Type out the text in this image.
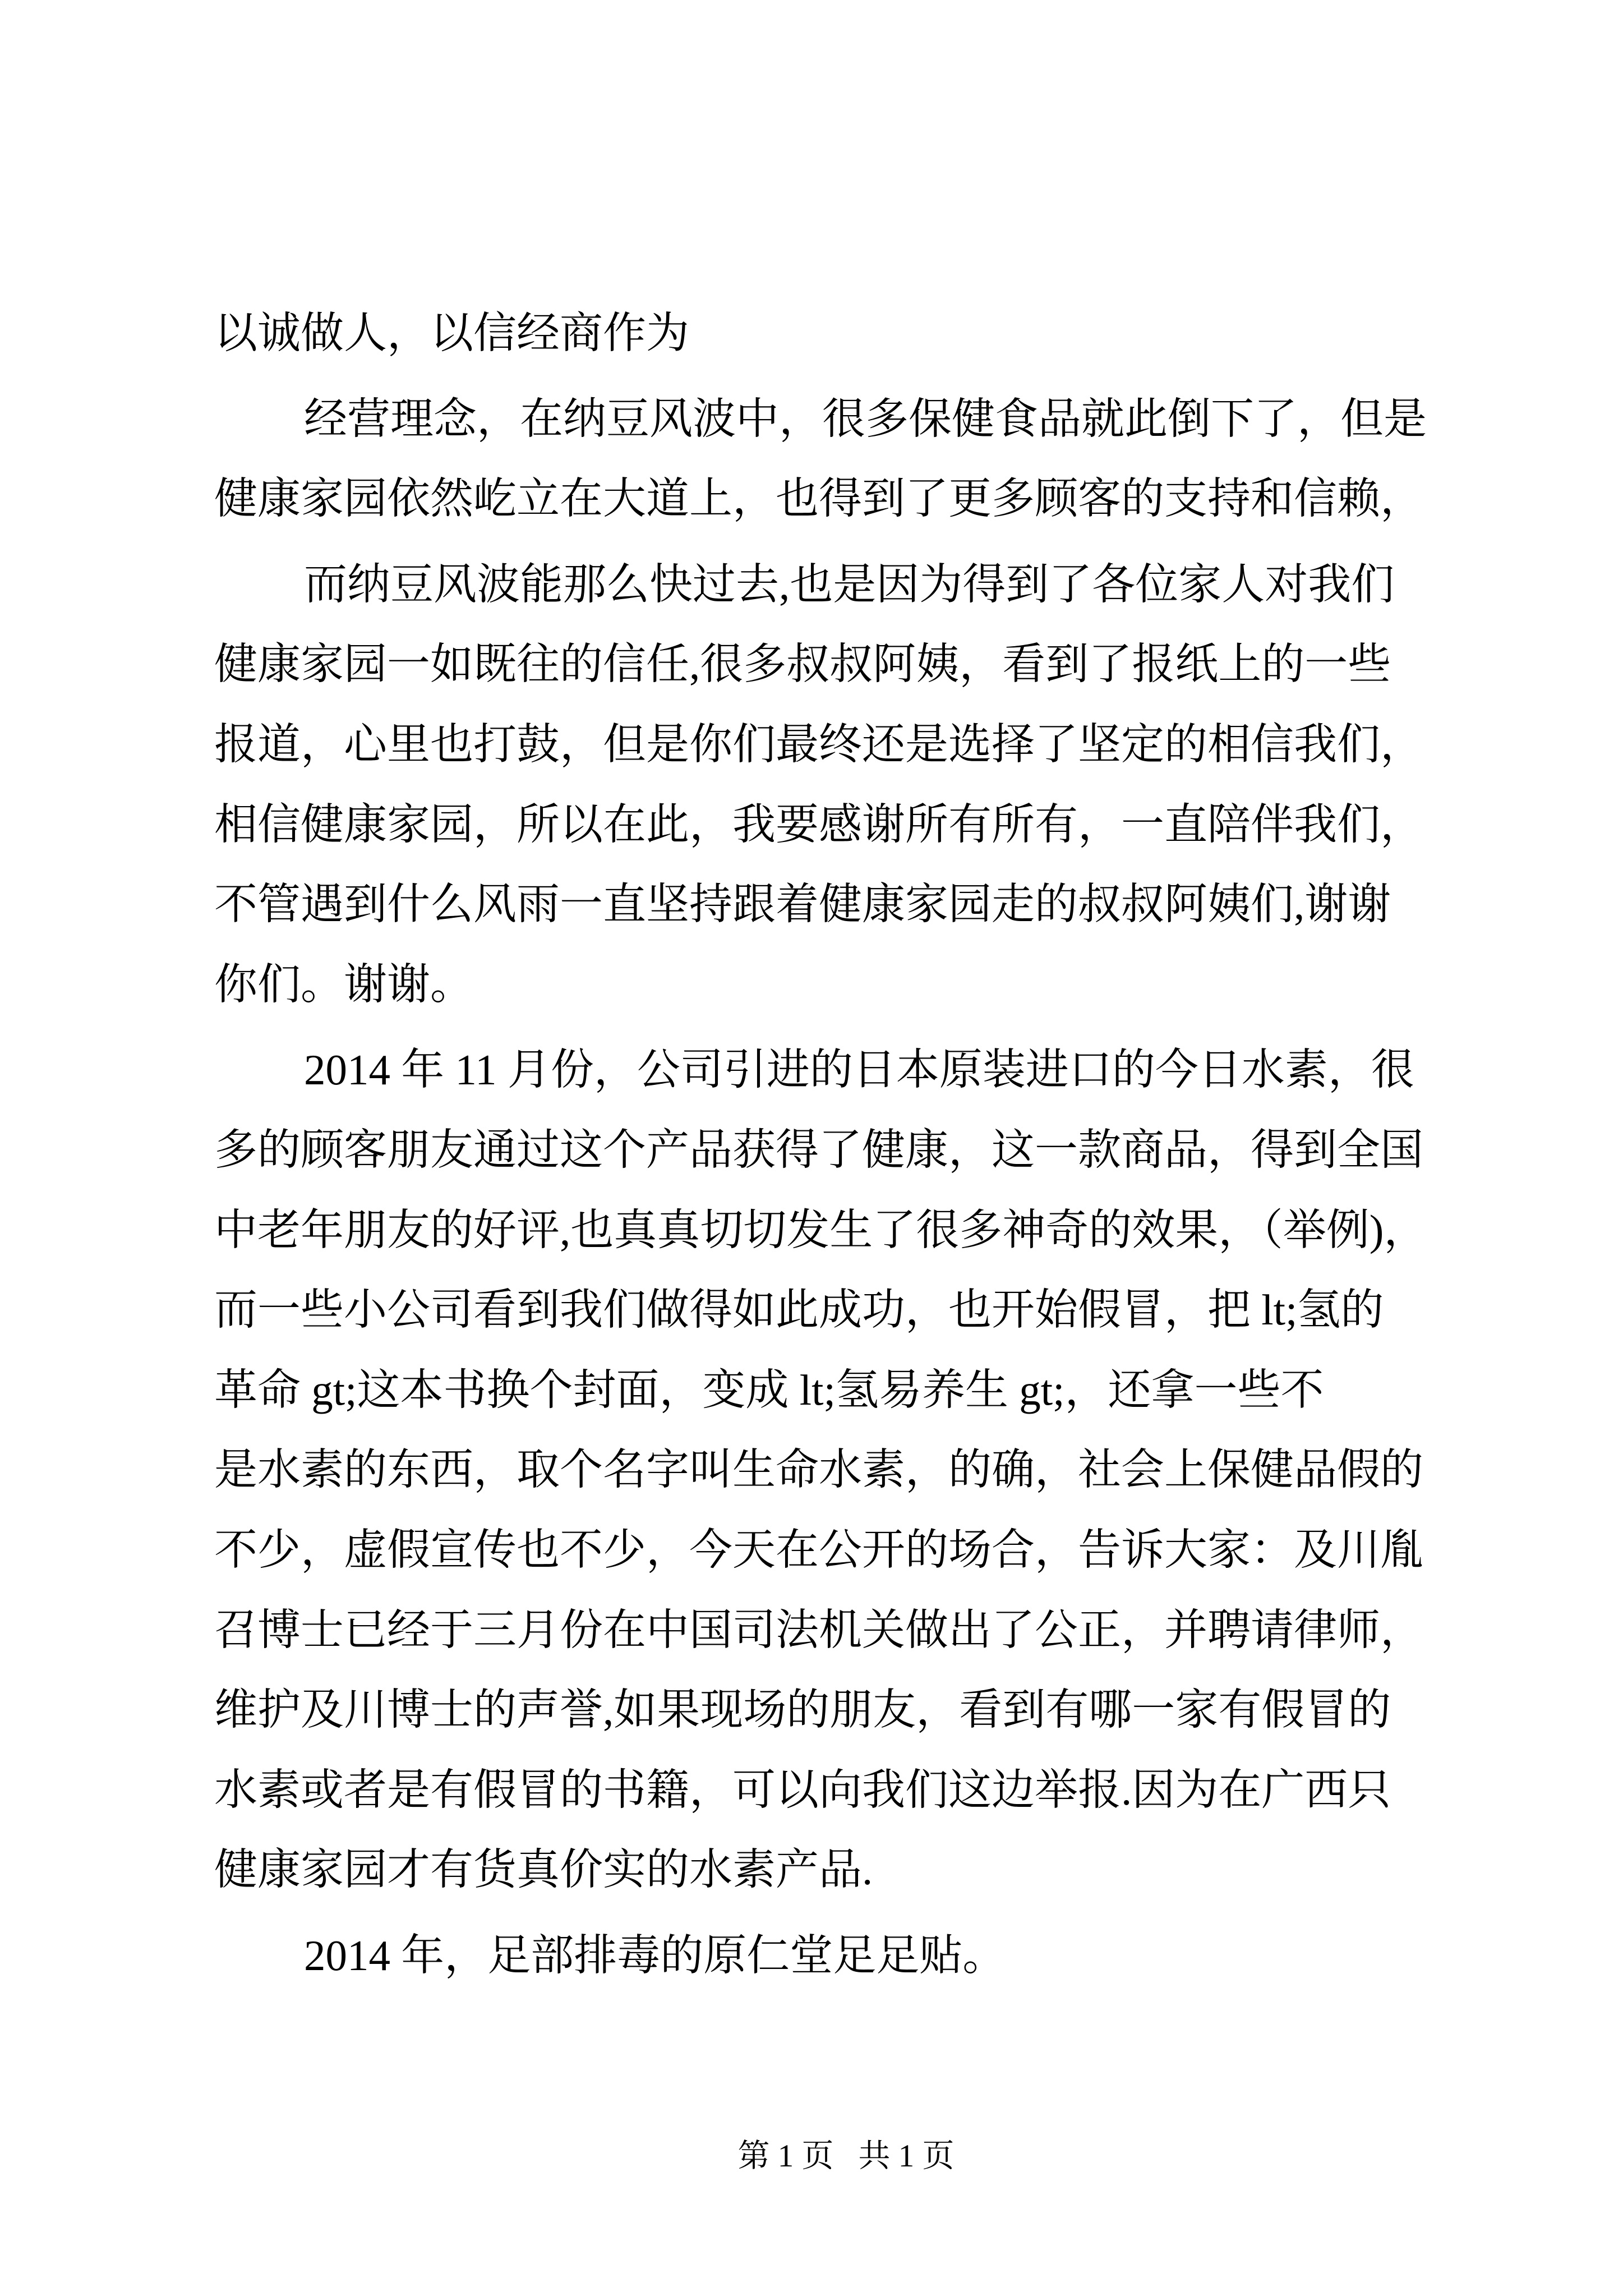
以诚做人，以信经商作为
经营理念，在纳豆风波中，很多保健食品就此倒下了，但是
健康家园依然屹立在大道上，也得到了更多顾客的支持和信赖，
而纳豆风波能那么快过去,也是因为得到了各位家人对我们
健康家园一如既往的信任,很多叔叔阿姨，看到了报纸上的一些
报道，心里也打鼓，但是你们最终还是选择了坚定的相信我们，
相信健康家园，所以在此，我要感谢所有所有，一直陪伴我们，
不管遇到什么风雨一直坚持跟着健康家园走的叔叔阿姨们,谢谢
你们。谢谢。
2014 年 11 月份，公司引进的日本原装进口的今日水素，很
多的顾客朋友通过这个产品获得了健康，这一款商品，得到全国
中老年朋友的好评,也真真切切发生了很多神奇的效果，（举例)，
而一些小公司看到我们做得如此成功，也开始假冒，把 lt;氢的
革命 gt;这本书换个封面，变成 lt;氢易养生 gt;，还拿一些不
是水素的东西，取个名字叫生命水素，的确，社会上保健品假的
不少，虚假宣传也不少，今天在公开的场合，告诉大家：及川胤
召博士已经于三月份在中国司法机关做出了公正，并聘请律师，
维护及川博士的声誉,如果现场的朋友，看到有哪一家有假冒的
水素或者是有假冒的书籍，可以向我们这边举报.因为在广西只
健康家园才有货真价实的水素产品.
2014 年，足部排毒的原仁堂足足贴。

第 1 页 共 1 页
